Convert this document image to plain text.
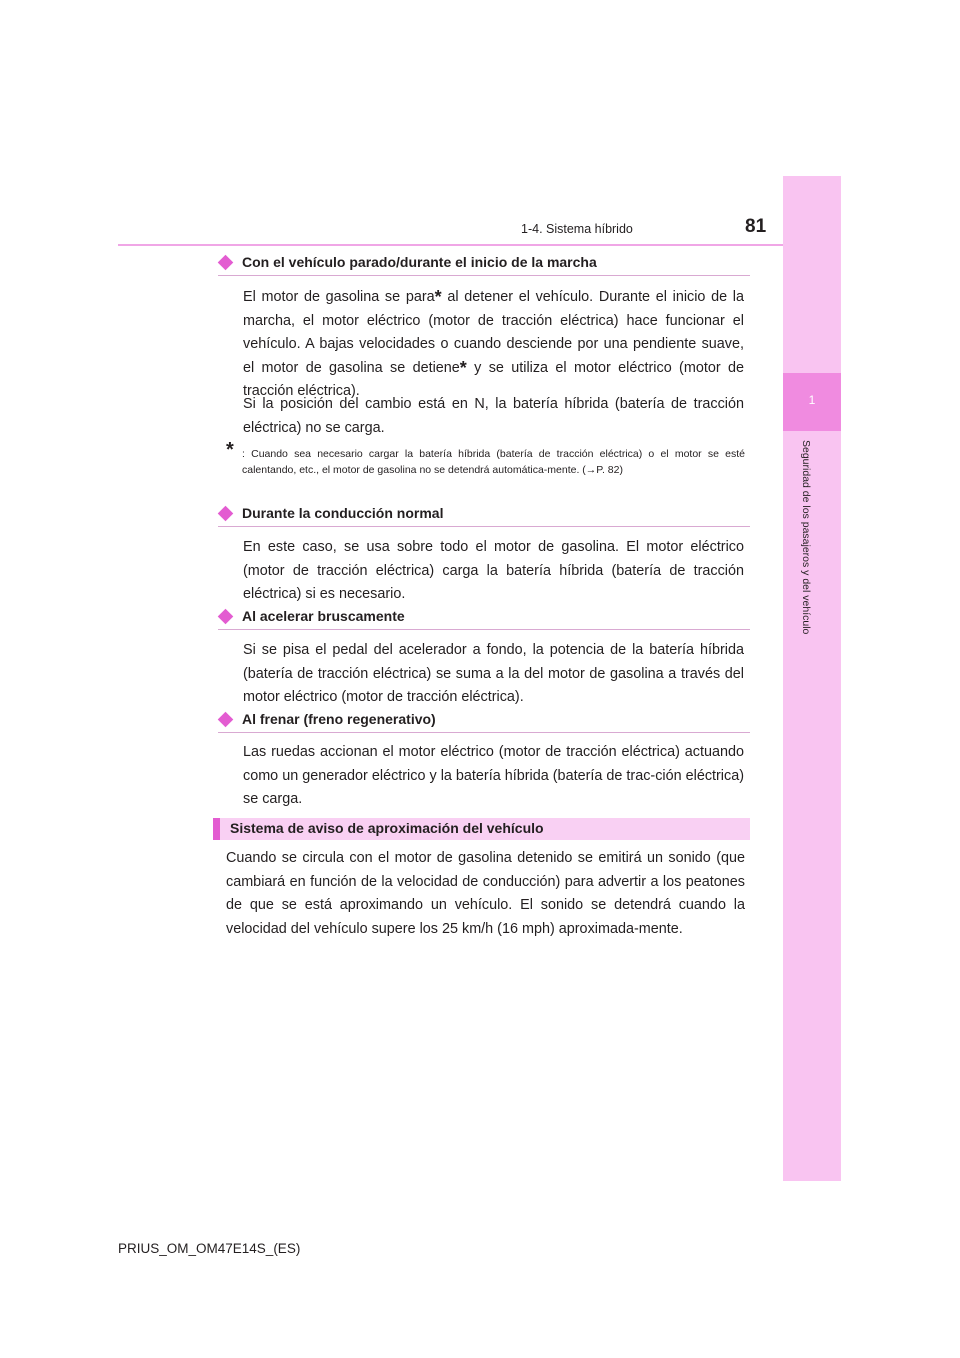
1-4. Sistema híbrido	81
1
Seguridad de los pasajeros y del vehículo
Con el vehículo parado/durante el inicio de la marcha

El motor de gasolina se para* al detener el vehículo. Durante el inicio de la marcha, el motor eléctrico (motor de tracción eléctrica) hace funcionar el vehículo. A bajas velocidades o cuando desciende por una pendiente suave, el motor de gasolina se detiene* y se utiliza el motor eléctrico (motor de tracción eléctrica).

Si la posición del cambio está en N, la batería híbrida (batería de tracción eléctrica) no se carga.

* : Cuando sea necesario cargar la batería híbrida (batería de tracción eléctrica) o el motor se esté calentando, etc., el motor de gasolina no se detendrá automática-mente. (→P. 82)
Durante la conducción normal

En este caso, se usa sobre todo el motor de gasolina. El motor eléctrico (motor de tracción eléctrica) carga la batería híbrida (batería de tracción eléctrica) si es necesario.

Al acelerar bruscamente

Si se pisa el pedal del acelerador a fondo, la potencia de la batería híbrida (batería de tracción eléctrica) se suma a la del motor de gasolina a través del motor eléctrico (motor de tracción eléctrica).

Al frenar (freno regenerativo)

Las ruedas accionan el motor eléctrico (motor de tracción eléctrica) actuando como un generador eléctrico y la batería híbrida (batería de trac-ción eléctrica) se carga.

Sistema de aviso de aproximación del vehículo

Cuando se circula con el motor de gasolina detenido se emitirá un sonido (que cambiará en función de la velocidad de conducción) para advertir a los peatones de que se está aproximando un vehículo. El sonido se detendrá cuando la velocidad del vehículo supere los 25 km/h (16 mph) aproximada-mente.

PRIUS_OM_OM47E14S_(ES)
